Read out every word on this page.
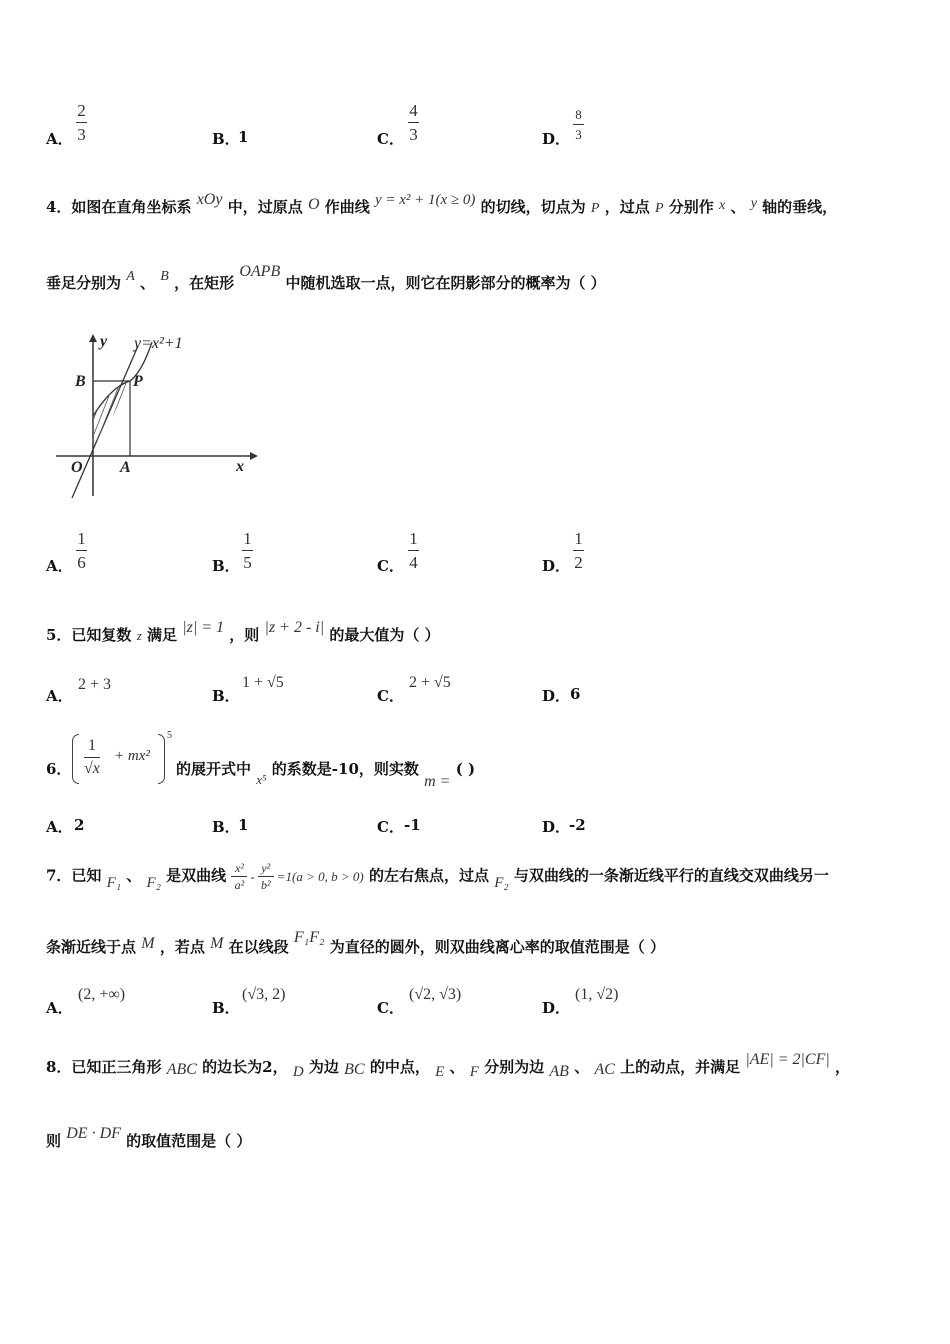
A．
2
3	B．
1	C．
4
3	D．
8
3
4．如图在直角坐标系 xOy 中，过原点 O 作曲线 y = x² + 1(x ≥ 0) 的切线，切点为 P ，过点 P 分别作 x 、 y 轴的垂线，
垂足分别为 A 、 B ，在矩形 OAPB 中随机选取一点，则它在阴影部分的概率为（ ）
y=x²+1
y
x
B	P
O A
A．
1
6	B．
1
5	C．
1
4	D．
1
2
5．已知复数 z 满足 |z| = 1 ，则 |z + 2 - i| 的最大值为（ ）
A．
2 + 3
B．
1 + √5
C．
2 + √5
D． 6
6．
1
√x
+ mx²
5
的展开式中 x⁵ 的系数是-10，则实数 m = ( )
A． 2	B．
1	C． -1	D．
-2
7．已知 F₁ 、 F₂ 是双曲线 x²
a²
-
y²
b²
=1(a > 0, b > 0) 的左右焦点，过点 F₂ 与双曲线的一条渐近线平行的直线交双曲线另一
条渐近线于点 M ，若点 M 在以线段 F₁F₂ 为直径的圆外，则双曲线离心率的取值范围是（ ）
A．
(2, +∞)
B．
(√3, 2)
C．
(√2, √3)
D．
(1, √2)
8．已知正三角形 ABC 的边长为2， D 为边 BC 的中点， E 、 F 分别为边 AB 、 AC 上的动点，并满足 |AE| = 2|CF| ，
则 DE · DF 的取值范围是（ ）
